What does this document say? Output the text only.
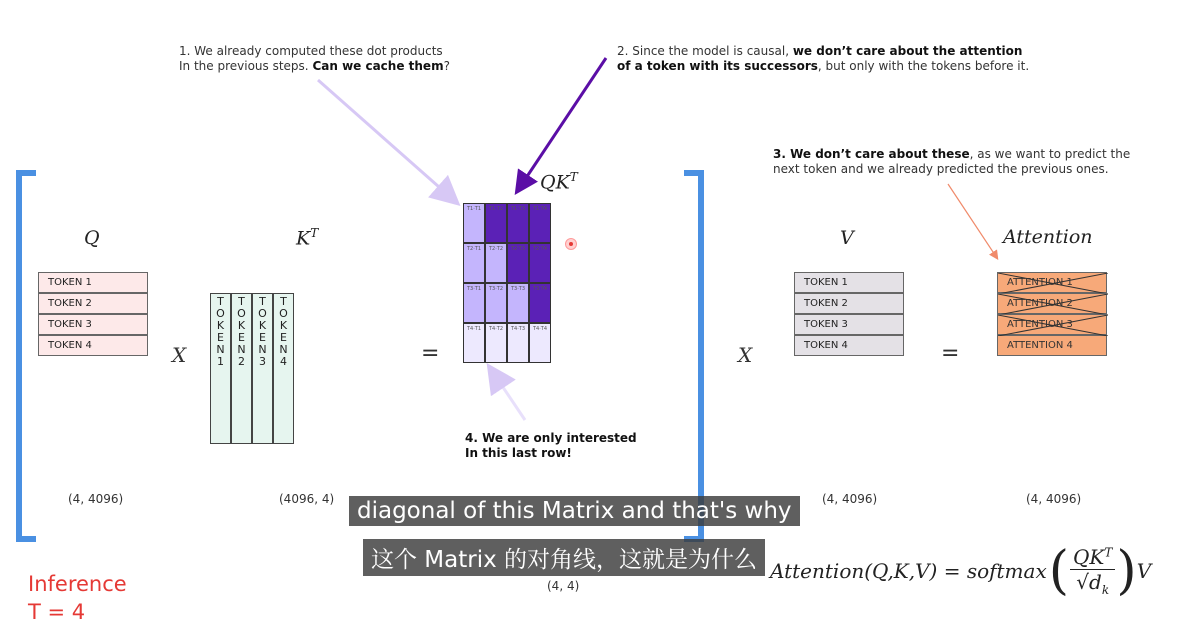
1. We already computed these dot products
In the previous steps. Can we cache them?
2. Since the model is causal, we don’t care about the attention
of a token with its successors, but only with the tokens before it.
3. We don’t care about these, as we want to predict the
next token and we already predicted the previous ones.
4. We are only interested
In this last row!
Q
TOKEN 1
TOKEN 2
TOKEN 3
TOKEN 4	X
(4, 4096)
$K^T$
T
O
K
E
N
1
T
O
K
E
N
2
T
O
K
E
N
3
T
O
K
E
N
4
(4096, 4)
=
$QK^T$
T1·T1	T1·T2	T1·T3	T1·T4
T2·T1	T2·T2	T2·T3	T2·T4
T3·T1	T3·T2	T3·T3	T3·T4
T4·T1	T4·T2	T4·T3	T4·T4
(4, 4)
X
V
TOKEN 1
TOKEN 2
TOKEN 3
TOKEN 4
(4, 4096)
=
Attention
ATTENTION 1
ATTENTION 2
ATTENTION 3
ATTENTION 4
(4, 4096)
Inference
T = 4
Attention(Q,K,V) = softmax ( $QK^T$
$√d_k$ ) V
diagonal of this Matrix and that's why
这个 Matrix 的对角线，这就是为什么
